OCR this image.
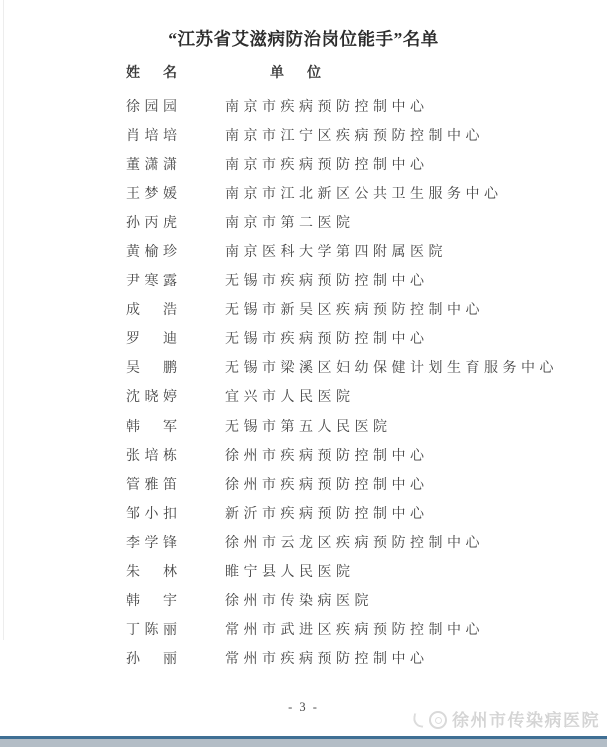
“江苏省艾滋病防治岗位能手”名单
姓　名	单　位
徐园园	南京市疾病预防控制中心
肖培培	南京市江宁区疾病预防控制中心
董潇潇	南京市疾病预防控制中心
王梦媛	南京市江北新区公共卫生服务中心
孙丙虎	南京市第二医院
黄榆珍	南京医科大学第四附属医院
尹寒露	无锡市疾病预防控制中心
成　浩	无锡市新吴区疾病预防控制中心
罗　迪	无锡市疾病预防控制中心
吴　鹏	无锡市梁溪区妇幼保健计划生育服务中心
沈晓婷	宜兴市人民医院
韩　军	无锡市第五人民医院
张培栋	徐州市疾病预防控制中心
管雅笛	徐州市疾病预防控制中心
邹小扣	新沂市疾病预防控制中心
李学锋	徐州市云龙区疾病预防控制中心
朱　林	睢宁县人民医院
韩　宇	徐州市传染病医院
丁陈丽	常州市武进区疾病预防控制中心
孙　丽	常州市疾病预防控制中心
- 3 -
徐州市传染病医院
